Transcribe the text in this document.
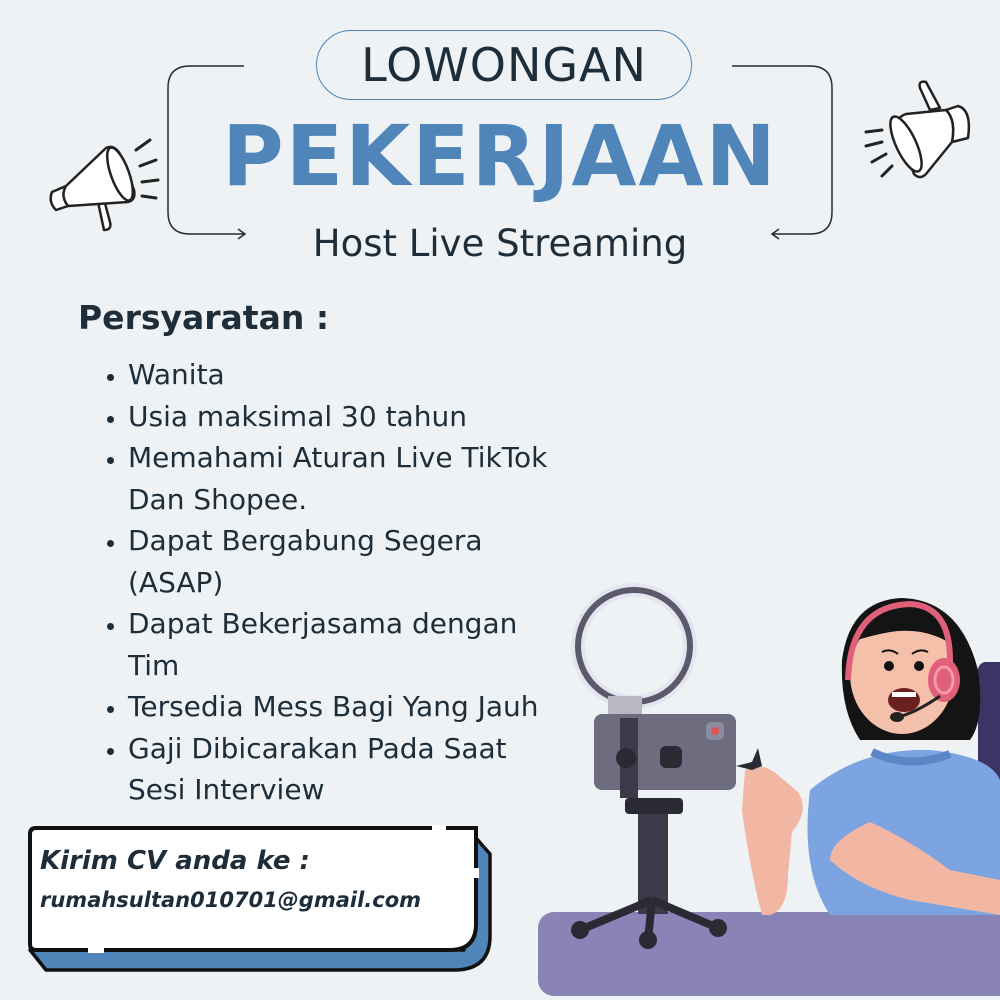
LOWONGAN
PEKERJAAN
Host Live Streaming
Persyaratan :
• Wanita
• Usia maksimal 30 tahun
• Memahami Aturan Live TikTok Dan Shopee.
• Dapat Bergabung Segera (ASAP)
• Dapat Bekerjasama dengan Tim
• Tersedia Mess Bagi Yang Jauh
• Gaji Dibicarakan Pada Saat Sesi Interview
Kirim CV anda ke :
rumahsultan010701@gmail.com
